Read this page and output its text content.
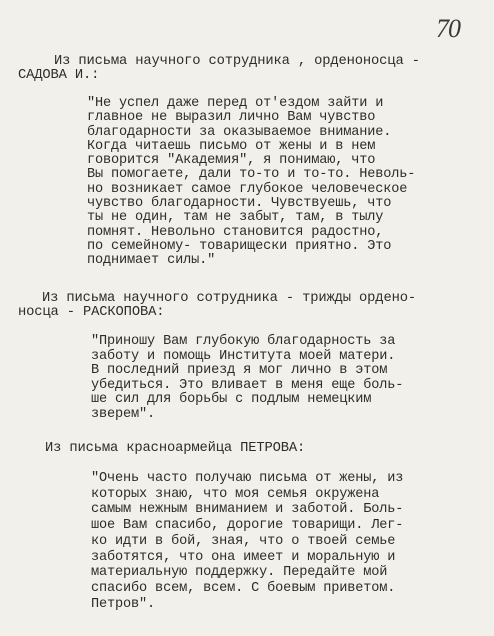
70
Из письма научного сотрудника , орденоносца -
САДОВА И.:
"Не успел даже перед от'ездом зайти и
главное не выразил лично Вам чувство
благодарности за оказываемое внимание.
Когда читаешь письмо от жены и в нем
говорится "Академия", я понимаю, что
Вы помогаете, дали то-то и то-то. Неволь-
но возникает самое глубокое человеческое
чувство благодарности. Чувствуешь, что
ты не один, там не забыт, там, в тылу
помнят. Невольно становится радостно,
по семейному- товарищески приятно. Это
поднимает силы."
Из письма научного сотрудника - трижды ордено-
носца - РАСКОПОВА:
"Приношу Вам глубокую благодарность за
заботу и помощь Института моей матери.
В последний приезд я мог лично в этом
убедиться. Это вливает в меня еще боль-
ше сил для борьбы с подлым немецким
зверем".
Из письма красноармейца ПЕТРОВА:
"Очень часто получаю письма от жены, из
которых знаю, что моя семья окружена
самым нежным вниманием и заботой. Боль-
шое Вам спасибо, дорогие товарищи. Лег-
ко идти в бой, зная, что о твоей семье
заботятся, что она имеет и моральную и
материальную поддержку. Передайте мой
спасибо всем, всем. С боевым приветом.
Петров".
